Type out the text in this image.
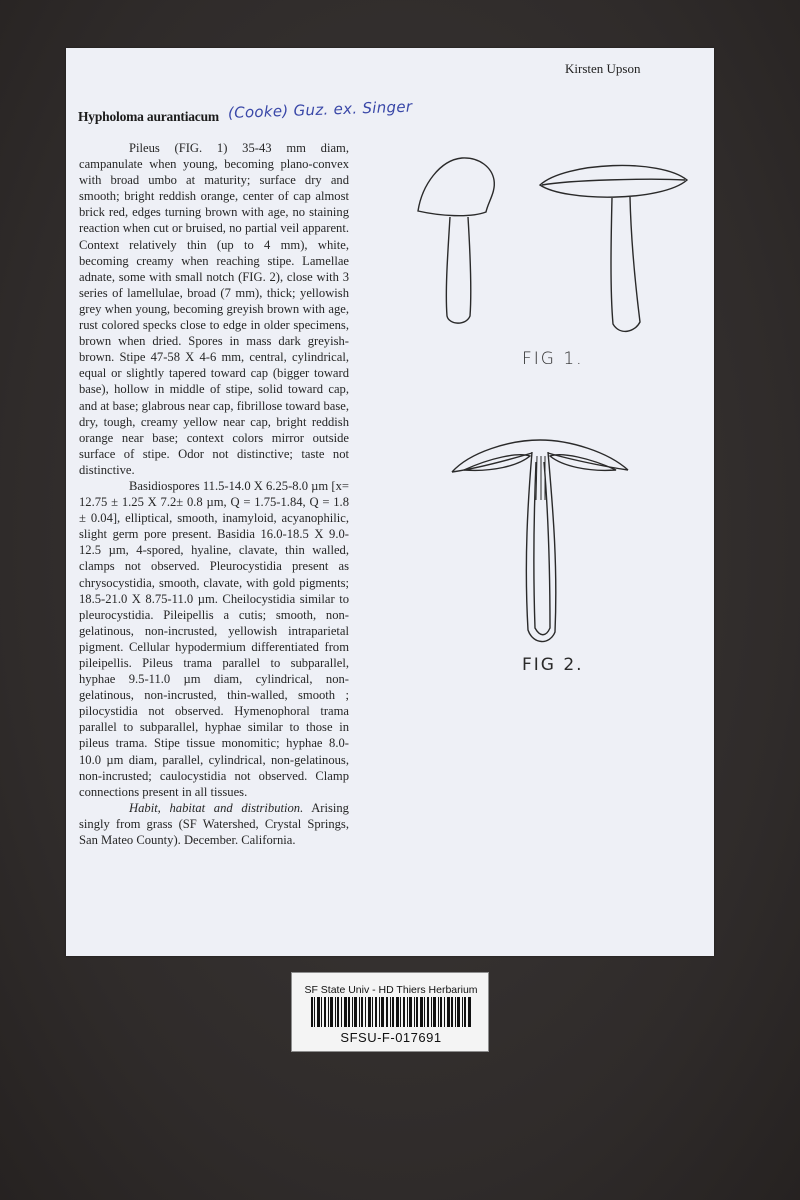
Kirsten Upson
Hypholoma aurantiacum (Cooke) Guz. ex. Singer

Pileus (FIG. 1) 35-43 mm diam, campanulate when young, becoming plano-convex with broad umbo at maturity; surface dry and smooth; bright reddish orange, center of cap almost brick red, edges turning brown with age, no staining reaction when cut or bruised, no partial veil apparent. Context relatively thin (up to 4 mm), white, becoming creamy when reaching stipe. Lamellae adnate, some with small notch (FIG. 2), close with 3 series of lamellulae, broad (7 mm), thick; yellowish grey when young, becoming greyish brown with age, rust colored specks close to edge in older specimens, brown when dried. Spores in mass dark greyish-brown. Stipe 47-58 X 4-6 mm, central, cylindrical, equal or slightly tapered toward cap (bigger toward base), hollow in middle of stipe, solid toward cap, and at base; glabrous near cap, fibrillose toward base, dry, tough, creamy yellow near cap, bright reddish orange near base; context colors mirror outside surface of stipe. Odor not distinctive; taste not distinctive.

Basidiospores 11.5-14.0 X 6.25-8.0 µm [x= 12.75 ± 1.25 X 7.2± 0.8 µm, Q = 1.75-1.84, Q = 1.8 ± 0.04], elliptical, smooth, inamyloid, acyanophilic, slight germ pore present. Basidia 16.0-18.5 X 9.0-12.5 µm, 4-spored, hyaline, clavate, thin walled, clamps not observed. Pleurocystidia present as chrysocystidia, smooth, clavate, with gold pigments; 18.5-21.0 X 8.75-11.0 µm. Cheilocystidia similar to pleurocystidia. Pileipellis a cutis; smooth, non-gelatinous, non-incrusted, yellowish intraparietal pigment. Cellular hypodermium differentiated from pileipellis. Pileus trama parallel to subparallel, hyphae 9.5-11.0 µm diam, cylindrical, non-gelatinous, non-incrusted, thin-walled, smooth ; pilocystidia not observed. Hymenophoral trama parallel to subparallel, hyphae similar to those in pileus trama. Stipe tissue monomitic; hyphae 8.0-10.0 µm diam, parallel, cylindrical, non-gelatinous, non-incrusted; caulocystidia not observed. Clamp connections present in all tissues.

Habit, habitat and distribution. Arising singly from grass (SF Watershed, Crystal Springs, San Mateo County). December. California.

FIG 1.
FIG 2.
SF State Univ - HD Thiers Herbarium
SFSU-F-017691
